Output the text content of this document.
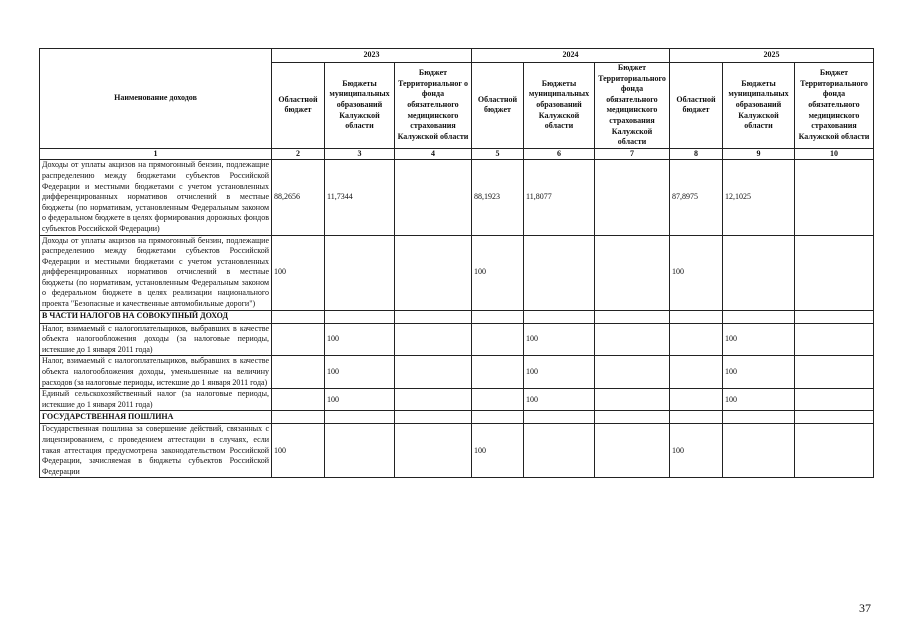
Наименование доходов	2023			2024			2025		
	Областной бюджет	Бюджеты муниципальных образований Калужской области	Бюджет Территориальног о фонда обязательного медицинского страхования Калужской области	Областной бюджет	Бюджеты муниципальных образований Калужской области	Бюджет Территориального фонда обязательного медицинского страхования Калужской области	Областной бюджет	Бюджеты муниципальных образований Калужской области	Бюджет Территориального фонда обязательного медицинского страхования Калужской области
1	2	3	4	5	6	7	8	9	10
Доходы от уплаты акцизов на прямогонный бензин, подлежащие распределению между бюджетами субъектов Российской Федерации и местными бюджетами с учетом установленных дифференцированных нормативов отчислений в местные бюджеты (по нормативам, установленным Федеральным законом о федеральном бюджете в целях формирования дорожных фондов субъектов Российской Федерации)	88,2656	11,7344		88,1923	11,8077		87,8975	12,1025	
Доходы от уплаты акцизов на прямогонный бензин, подлежащие распределению между бюджетами субъектов Российской Федерации и местными бюджетами с учетом установленных дифференцированных нормативов отчислений в местные бюджеты (по нормативам, установленным Федеральным законом о федеральном бюджете в целях реализации национального проекта "Безопасные и качественные автомобильные дороги")	100			100			100		
В ЧАСТИ НАЛОГОВ НА СОВОКУПНЫЙ ДОХОД									
Налог, взимаемый с налогоплательщиков, выбравших в качестве объекта налогообложения доходы (за налоговые периоды, истекшие до 1 января 2011 года)		100			100			100	
Налог, взимаемый с налогоплательщиков, выбравших в качестве объекта налогообложения доходы, уменьшенные на величину расходов (за налоговые периоды, истекшие до 1 января 2011 года)		100			100			100	
Единый сельскохозяйственный налог (за налоговые периоды, истекшие до 1 января 2011 года)		100			100			100	
ГОСУДАРСТВЕННАЯ ПОШЛИНА									
Государственная пошлина за совершение действий, связанных с лицензированием, с проведением аттестации в случаях, если такая аттестация предусмотрена законодательством Российской Федерации, зачисляемая в бюджеты субъектов Российской Федерации	100			100			100		
37
